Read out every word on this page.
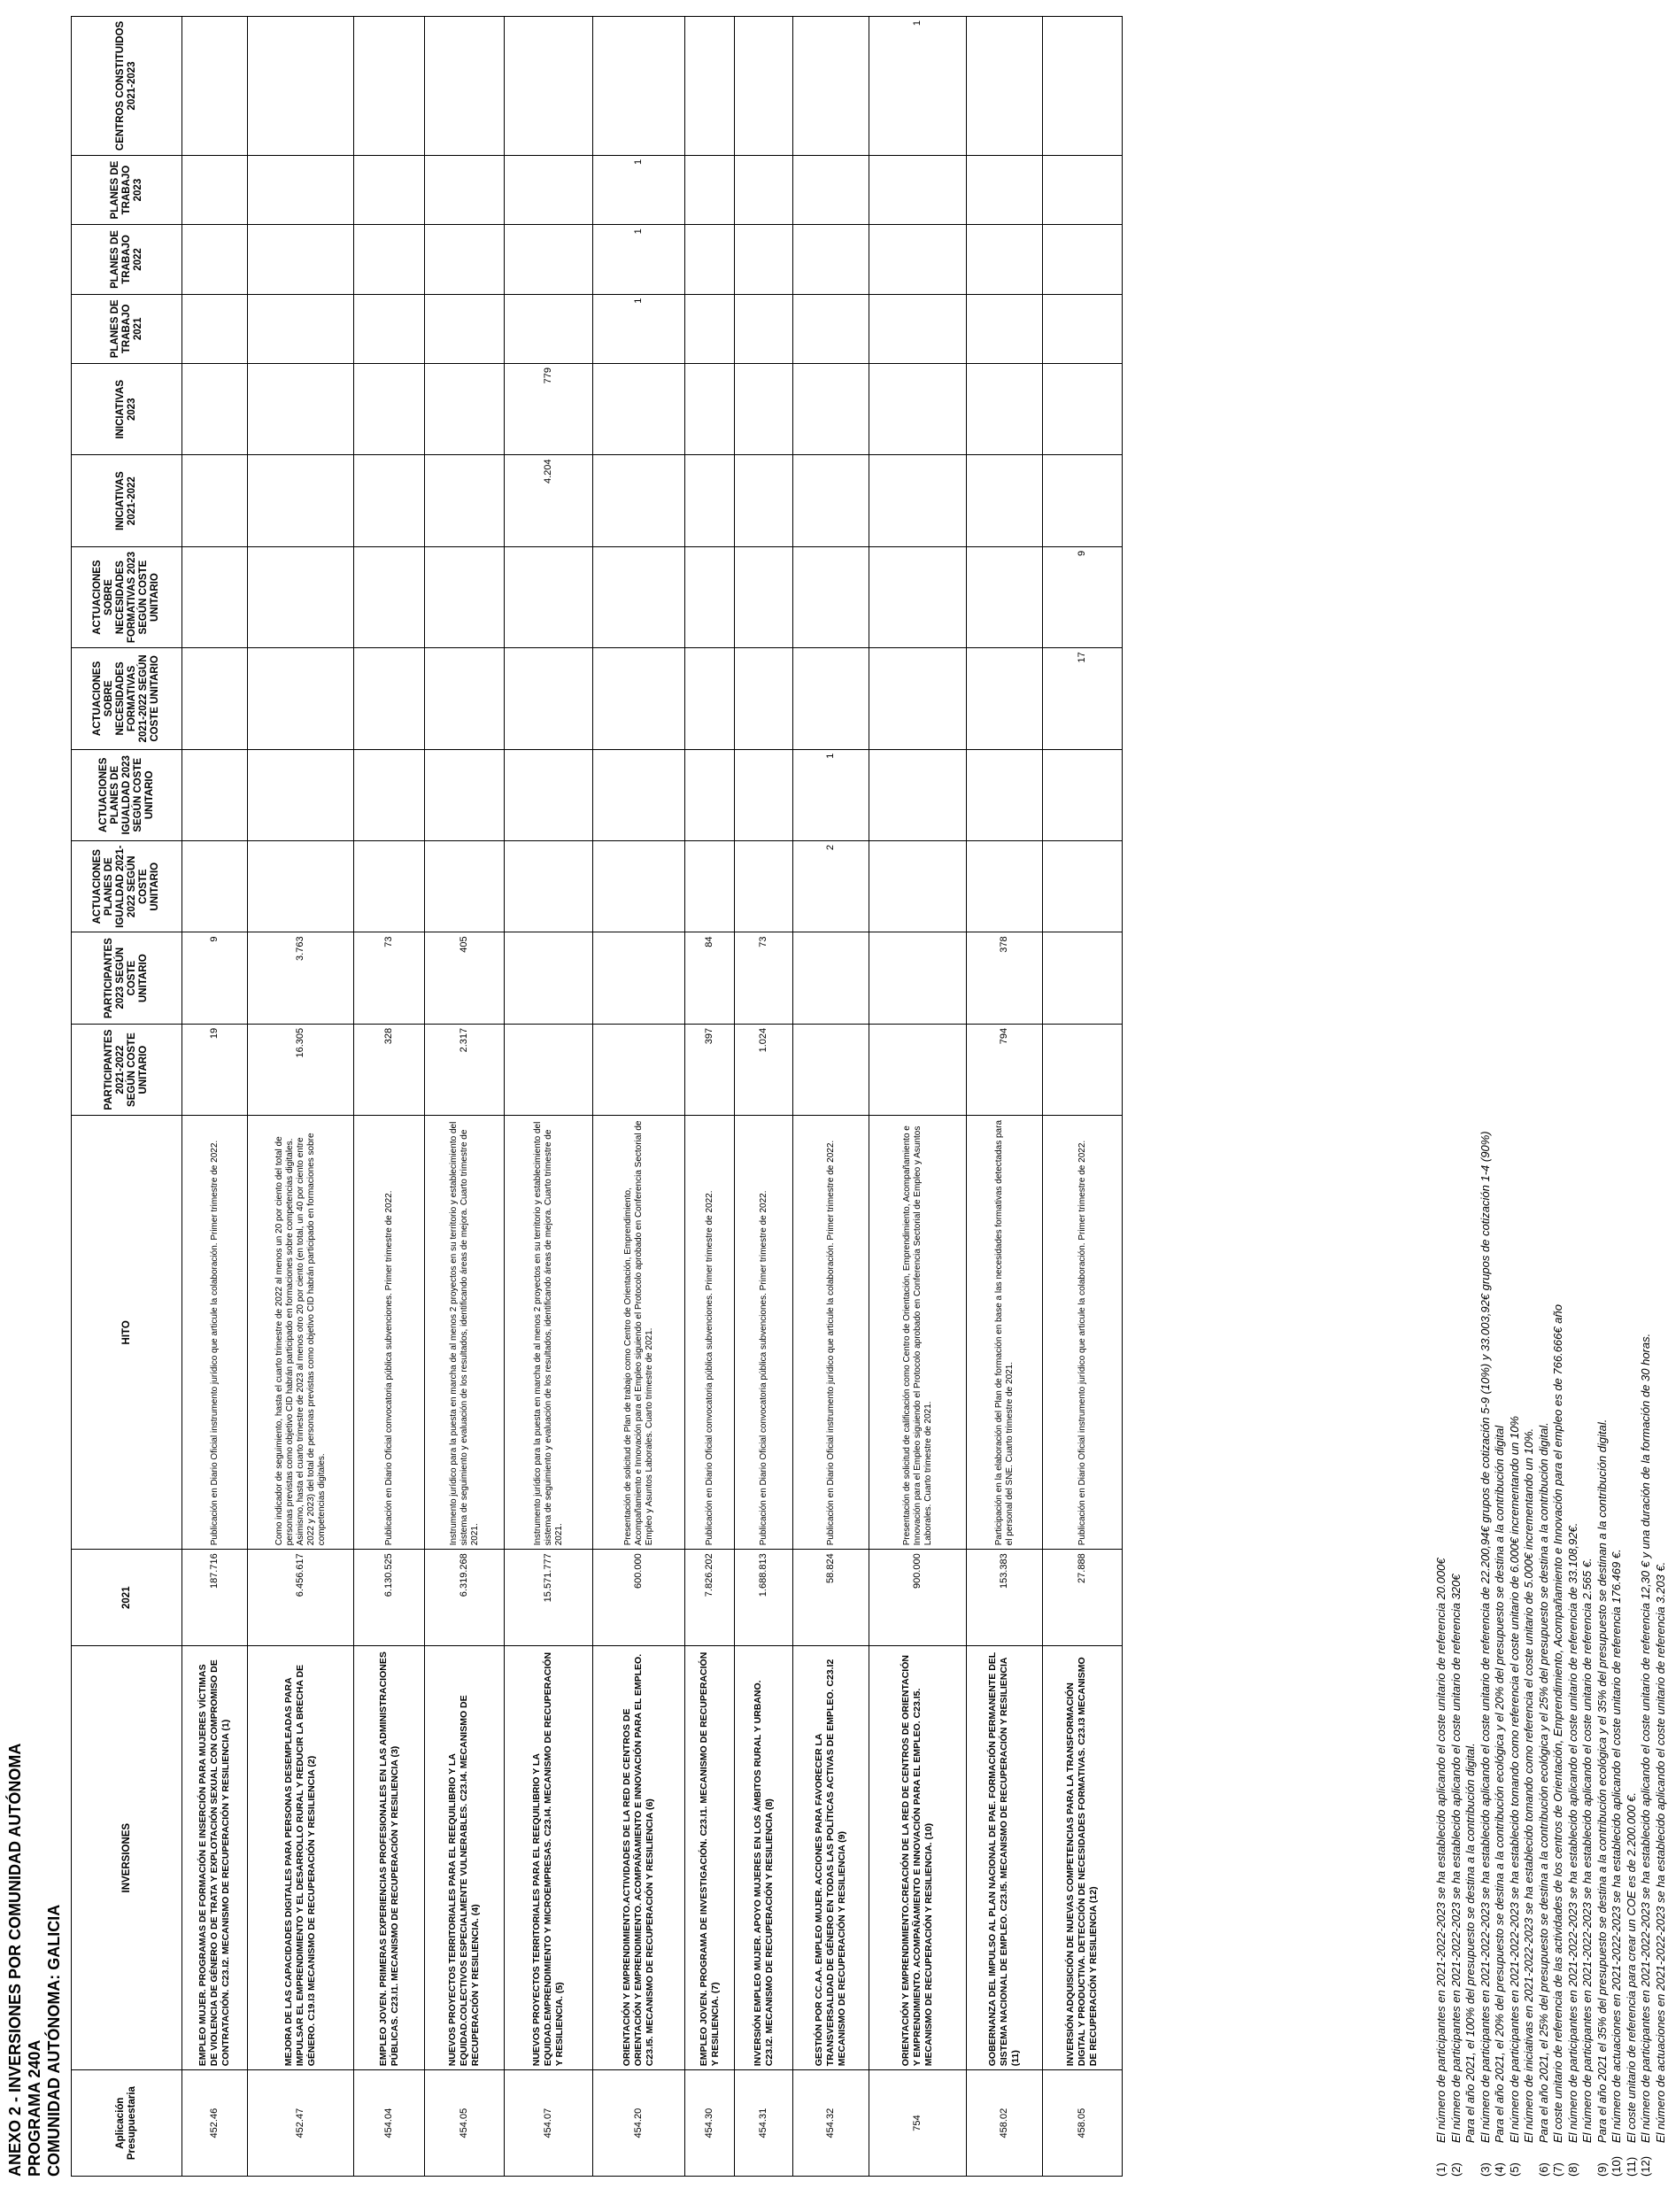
ANEXO 2 - INVERSIONES POR COMUNIDAD AUTÓNOMA PROGRAMA 240A COMUNIDAD AUTÓNOMA: GALICIA	Aplicación Presupuestaria	INVERSIONES	2021	HITO	PARTICIPANTES 2021-2022 SEGÚN COSTE UNITARIO	PARTICIPANTES 2023 SEGÚN COSTE UNITARIO	ACTUACIONES PLANES DE IGUALDAD 2021-2022 SEGÚN COSTE UNITARIO	ACTUACIONES PLANES DE IGUALDAD 2023 SEGÚN COSTE UNITARIO	ACTUACIONES SOBRE NECESIDADES FORMATIVAS 2021-2022 SEGÚN COSTE UNITARIO	ACTUACIONES SOBRE NECESIDADES FORMATIVAS 2023 SEGÚN COSTE UNITARIO	INICIATIVAS 2021-2022	INICIATIVAS 2023	PLANES DE TRABAJO 2021	PLANES DE TRABAJO 2022	PLANES DE TRABAJO 2023	CENTROS CONSTITUIDOS 2021-2023
452.46	EMPLEO MUJER. PROGRAMAS DE FORMACIÓN E INSERCIÓN PARA MUJERES VÍCTIMAS DE VIOLENCIA DE GÉNERO O DE TRATA Y EXPLOTACIÓN SEXUAL CON COMPROMISO DE CONTRATACIÓN. C23.I2. MECANISMO DE RECUPERACIÓN Y RESILIENCIA (1)	187.716	Publicación en Diario Oficial instrumento jurídico que articule la colaboración. Primer trimestre de 2022.	19	9										
452.47	MEJORA DE LAS CAPACIDADES DIGITALES PARA PERSONAS DESEMPLEADAS PARA IMPULSAR EL EMPRENDIMIENTO Y EL DESARROLLO RURAL Y REDUCIR LA BRECHA DE GÉNERO. C19.I3 MECANISMO DE RECUPERACIÓN Y RESILIENCIA (2)	6.456.617	Como indicador de seguimiento, hasta el cuarto trimestre de 2022 al menos un 20 por ciento del total de personas previstas como objetivo CID habrán participado en formaciones sobre competencias digitales. Asimismo, hasta el cuarto trimestre de 2023 al menos otro 20 por ciento (en total, un 40 por ciento entre 2022 y 2023) del total de personas previstas como objetivo CID habrán participado en formaciones sobre competencias digitales.	16.305	3.763										
454.04	EMPLEO JOVEN. PRIMERAS EXPERIENCIAS PROFESIONALES EN LAS ADMINISTRACIONES PÚBLICAS. C23.I1. MECANISMO DE RECUPERACIÓN Y RESILIENCIA (3)	6.130.525	Publicación en Diario Oficial convocatoria pública subvenciones. Primer trimestre de 2022.	328	73										
454.05	NUEVOS PROYECTOS TERRITORIALES PARA EL REEQUILIBRIO Y LA EQUIDAD.COLECTIVOS ESPECIALMENTE VULNERABLES. C23.I4. MECANISMO DE RECUPERACIÓN Y RESILIENCIA. (4)	6.319.268	Instrumento jurídico para la puesta en marcha de al menos 2 proyectos en su territorio y establecimiento del sistema de seguimiento y evaluación de los resultados, identificando áreas de mejora. Cuarto trimestre de 2021.	2.317	405										
454.07	NUEVOS PROYECTOS TERRITORIALES PARA EL REEQUILIBRIO Y LA EQUIDAD.EMPRENDIMIENTO Y MICROEMPRESAS. C23.I4. MECANISMO DE RECUPERACIÓN Y RESILIENCIA. (5)	15.571.777	Instrumento jurídico para la puesta en marcha de al menos 2 proyectos en su territorio y establecimiento del sistema de seguimiento y evaluación de los resultados, identificando áreas de mejora. Cuarto trimestre de 2021.							4.204	779				
454.20	ORIENTACIÓN Y EMPRENDIMIENTO.ACTIVIDADES DE LA RED DE CENTROS DE ORIENTACIÓN Y EMPRENDIMIENTO. ACOMPAÑAMIENTO E INNOVACIÓN PARA EL EMPLEO. C23.I5. MECANISMO DE RECUPERACIÓN Y RESILIENCIA (6)	600.000	Presentación de solicitud de Plan de trabajo como Centro de Orientación, Emprendimiento, Acompañamiento e Innovación para el Empleo siguiendo el Protocolo aprobado en Conferencia Sectorial de Empleo y Asuntos Laborales. Cuarto trimestre de 2021.									1	1	1	
454.30	EMPLEO JOVEN. PROGRAMA DE INVESTIGACIÓN. C23.I1. MECANISMO DE RECUPERACIÓN Y RESILIENCIA. (7)	7.826.202	Publicación en Diario Oficial convocatoria pública subvenciones. Primer trimestre de 2022.	397	84										
454.31	INVERSIÓN EMPLEO MUJER. APOYO MUJERES EN LOS ÁMBITOS RURAL Y URBANO. C23.I2. MECANISMO DE RECUPERACIÓN Y RESILIENCIA (8)	1.688.813	Publicación en Diario Oficial convocatoria pública subvenciones. Primer trimestre de 2022.	1.024	73										
454.32	GESTIÓN POR CC.AA. EMPLEO MUJER. ACCIONES PARA FAVORECER LA TRANSVERSALIDAD DE GÉNERO EN TODAS LAS POLÍTICAS ACTIVAS DE EMPLEO. C23.I2 MECANISMO DE RECUPERACIÓN Y RESILIENCIA (9)	58.824	Publicación en Diario Oficial instrumento jurídico que articule la colaboración. Primer trimestre de 2022.			2	1								
754	ORIENTACIÓN Y EMPRENDIMIENTO.CREACIÓN DE LA RED DE CENTROS DE ORIENTACIÓN Y EMPRENDIMIENTO. ACOMPAÑAMIENTO E INNOVACIÓN PARA EL EMPLEO. C23.I5. MECANISMO DE RECUPERACIÓN Y RESILIENCIA. (10)	900.000	Presentación de solicitud de calificación como Centro de Orientación, Emprendimiento, Acompañamiento e Innovación para el Empleo siguiendo el Protocolo aprobado en Conferencia Sectorial de Empleo y Asuntos Laborales. Cuarto trimestre de 2021.												1
458.02	GOBERNANZA DEL IMPULSO AL PLAN NACIONAL DE PAE. FORMACIÓN PERMANENTE DEL SISTEMA NACIONAL DE EMPLEO. C23.I5. MECANISMO DE RECUPERACIÓN Y RESILIENCIA (11)	153.383	Participación en la elaboración del Plan de formación en base a las necesidades formativas detectadas para el personal del SNE. Cuarto trimestre de 2021.	794	378										
458.05	INVERSIÓN ADQUISICIÓN DE NUEVAS COMPETENCIAS PARA LA TRANSFORMACIÓN DIGITAL Y PRODUCTIVA. DETECCIÓN DE NECESIDADES FORMATIVAS. C23.I3 MECANISMO DE RECUPERACIÓN Y RESILIENCIA (12)	27.888	Publicación en Diario Oficial instrumento jurídico que articule la colaboración. Primer trimestre de 2022.					17	9						
(1)El número de participantes en 2021-2022-2023 se ha establecido aplicando el coste unitario de referencia 20.000€
(2)El número de participantes en 2021-2022-2023 se ha establecido aplicando el coste unitario de referencia 320€ Para el año 2021, el 100% del presupuesto se destina a la contribución digital.
(3)El número de participantes en 2021-2022-2023 se ha establecido aplicando el coste unitario de referencia de 22.200,94€ grupos de cotización 5-9 (10%) y 33.003,92€ grupos de cotización 1-4 (90%)
(4)Para el año 2021, el 20% del presupuesto se destina a la contribución ecológica y el 20% del presupuesto se destina a la contribución digital
(5)El número de participantes en 2021-2022-2023 se ha establecido tomando como referencia el coste unitario de 6.000€ incrementando un 10% El número de iniciativas en 2021-2022-2023 se ha establecido tomando como referencia el coste unitario de 5.000€ incrementando un 10%.
(6)Para el año 2021, el 25% del presupuesto se destina a la contribución ecológica y el 25% del presupuesto se destina a la contribución digital.
(7)El coste unitario de referencia de las actividades de los centros de Orientación, Emprendimiento, Acompañamiento e Innovación para el empleo es de 766.666€ año
(8)El número de participantes en 2021-2022-2023 se ha establecido aplicando el coste unitario de referencia de 33.108,92€. El número de participantes en 2021-2022-2023 se ha establecido aplicando el coste unitario de referencia 2.565 €.
(9)Para el año 2021 el 35% del presupuesto se destina a la contribución ecológica y el 35% del presupuesto se destinan a la contribución digital.
(10)El número de actuaciones en 2021-2022-2023 se ha establecido aplicando el coste unitario de referencia 176.469 €.
(11)El coste unitario de referencia para crear un COE es de 2.200.000 €.
(12)El número de participantes en 2021-2022-2023 se ha establecido aplicando el coste unitario de referencia 12,30 € y una duración de la formación de 30 horas. El número de actuaciones en 2021-2022-2023 se ha establecido aplicando el coste unitario de referencia 3.203 €.
